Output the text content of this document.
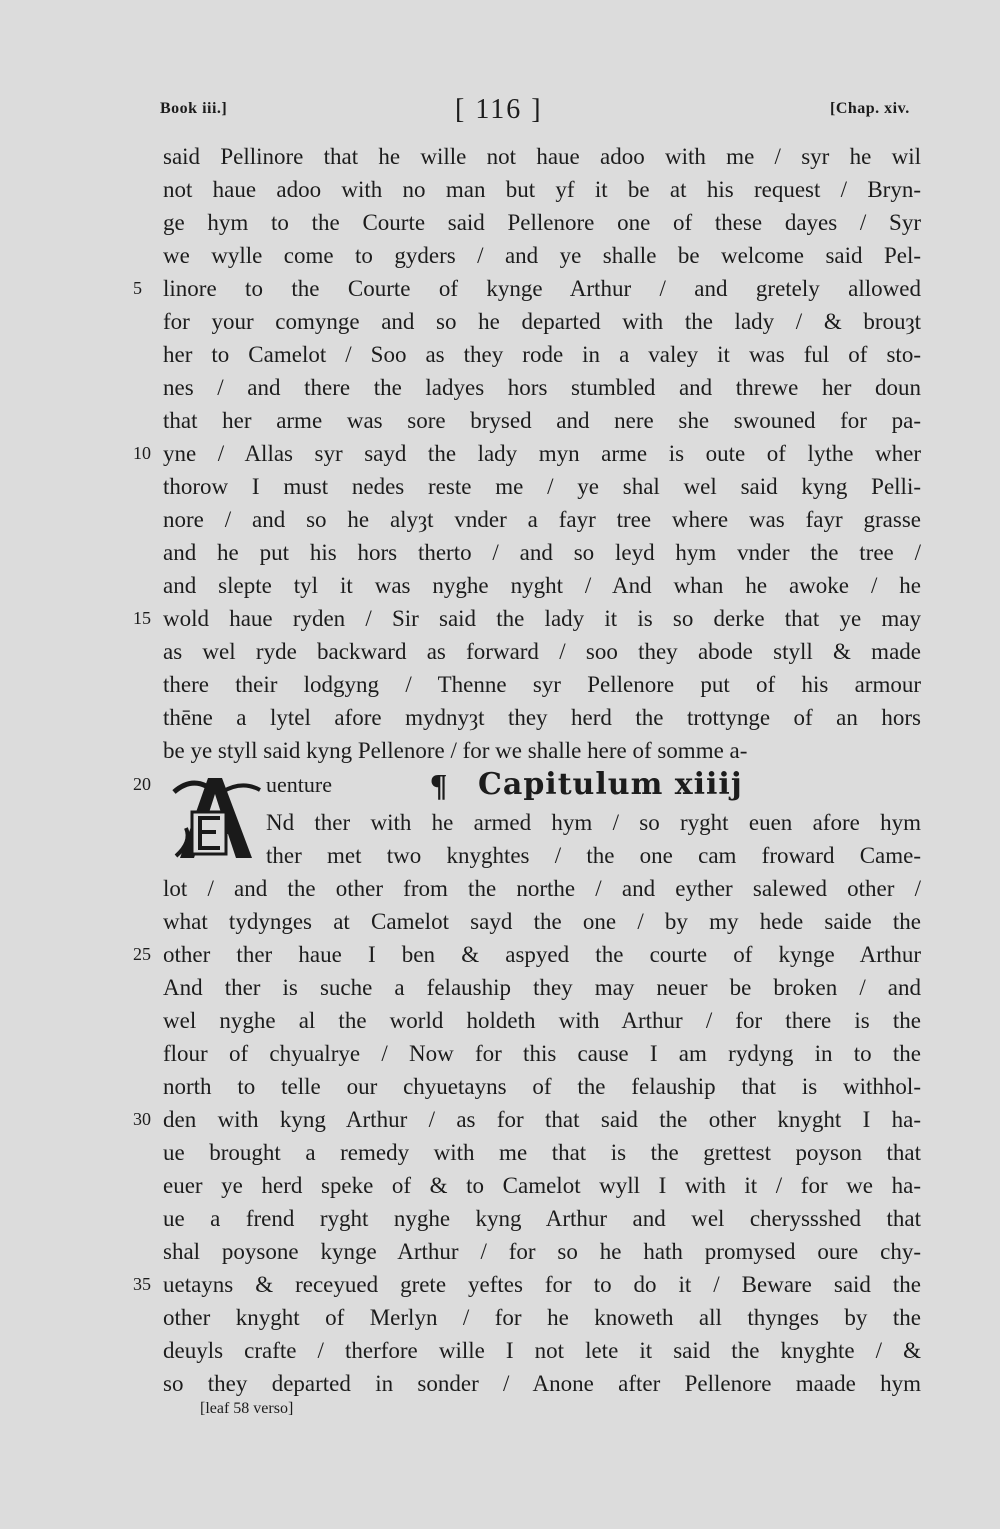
Book iii.]	[ 116 ]	[Chap. xiv.
said Pellinore that he wille not haue adoo with me / syr he wil
not haue adoo with no man but yf it be at his request / Bryn-
ge hym to the Courte said Pellenore one of these dayes / Syr
we wylle come to gyders / and ye shalle be welcome said Pel-
linore to the Courte of kynge Arthur / and gretely allowed
for your comynge and so he departed with the lady / & brouȝt
her to Camelot / Soo as they rode in a valey it was ful of sto-
nes / and there the ladyes hors stumbled and threwe her doun
that her arme was sore brysed and nere she swouned for pa-
yne / Allas syr sayd the lady myn arme is oute of lythe wher
thorow I must nedes reste me / ye shal wel said kyng Pelli-
nore / and so he alyȝt vnder a fayr tree where was fayr grasse
and he put his hors therto / and so leyd hym vnder the tree /
and slepte tyl it was nyghe nyght / And whan he awoke / he
wold haue ryden / Sir said the lady it is so derke that ye may
as wel ryde backward as forward / soo they abode styll & made
there their lodgyng / Thenne syr Pellenore put of his armour
thēne a lytel afore mydnyȝt they herd the trottynge of an hors
be ye styll said kyng Pellenore / for we shalle here of somme a-
uenture	¶ Capitulum xiiij
Nd ther with he armed hym / so ryght euen afore hym
ther met two knyghtes / the one cam froward Came-
lot / and the other from the northe / and eyther salewed other /
what tydynges at Camelot sayd the one / by my hede saide the
other ther haue I ben & aspyed the courte of kynge Arthur
And ther is suche a felauship they may neuer be broken / and
wel nyghe al the world holdeth with Arthur / for there is the
flour of chyualrye / Now for this cause I am rydyng in to the
north to telle our chyuetayns of the felauship that is withhol-
den with kyng Arthur / as for that said the other knyght I ha-
ue brought a remedy with me that is the grettest poyson that
euer ye herd speke of & to Camelot wyll I with it / for we ha-
ue a frend ryght nyghe kyng Arthur and wel cheryssshed that
shal poysone kynge Arthur / for so he hath promysed oure chy-
uetayns & receyued grete yeftes for to do it / Beware said the
other knyght of Merlyn / for he knoweth all thynges by the
deuyls crafte / therfore wille I not lete it said the knyghte / &
so they departed in sonder / Anone after Pellenore maade hym
5
10
15
20
25
30
35
[leaf 58 verso]
